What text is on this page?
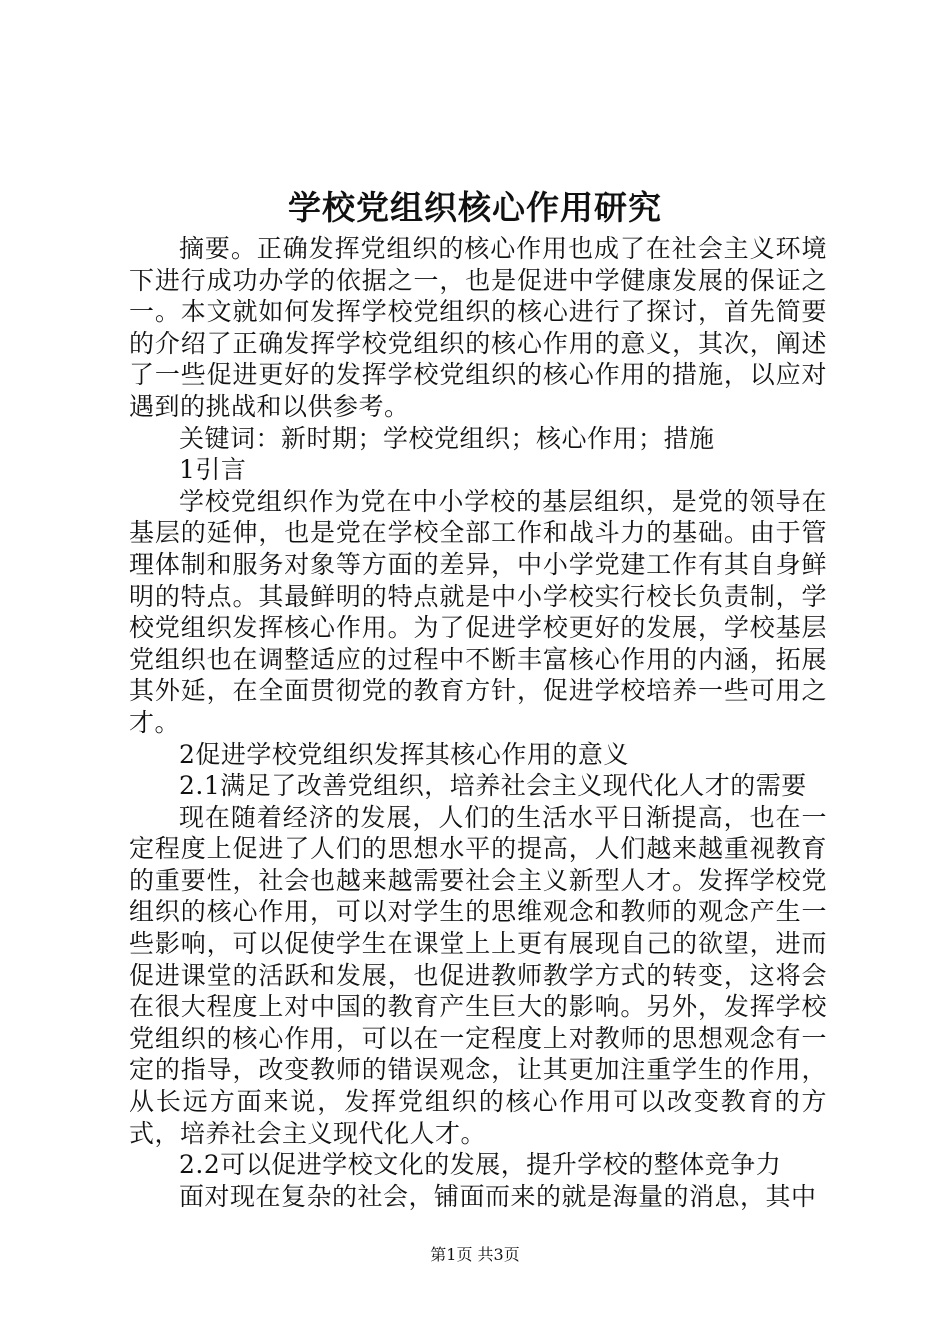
学校党组织核心作用研究

摘要。正确发挥党组织的核心作用也成了在社会主义环境下进行成功办学的依据之一，也是促进中学健康发展的保证之一。本文就如何发挥学校党组织的核心进行了探讨，首先简要的介绍了正确发挥学校党组织的核心作用的意义，其次，阐述了一些促进更好的发挥学校党组织的核心作用的措施，以应对遇到的挑战和以供参考。

关键词：新时期；学校党组织；核心作用；措施

1引言

学校党组织作为党在中小学校的基层组织，是党的领导在基层的延伸，也是党在学校全部工作和战斗力的基础。由于管理体制和服务对象等方面的差异，中小学党建工作有其自身鲜明的特点。其最鲜明的特点就是中小学校实行校长负责制，学校党组织发挥核心作用。为了促进学校更好的发展，学校基层党组织也在调整适应的过程中不断丰富核心作用的内涵，拓展其外延，在全面贯彻党的教育方针，促进学校培养一些可用之才。

2促进学校党组织发挥其核心作用的意义

2.1满足了改善党组织，培养社会主义现代化人才的需要

现在随着经济的发展，人们的生活水平日渐提高，也在一定程度上促进了人们的思想水平的提高，人们越来越重视教育的重要性，社会也越来越需要社会主义新型人才。发挥学校党组织的核心作用，可以对学生的思维观念和教师的观念产生一些影响，可以促使学生在课堂上上更有展现自己的欲望，进而促进课堂的活跃和发展，也促进教师教学方式的转变，这将会在很大程度上对中国的教育产生巨大的影响。另外，发挥学校党组织的核心作用，可以在一定程度上对教师的思想观念有一定的指导，改变教师的错误观念，让其更加注重学生的作用，从长远方面来说，发挥党组织的核心作用可以改变教育的方式，培养社会主义现代化人才。

2.2可以促进学校文化的发展，提升学校的整体竞争力

面对现在复杂的社会，铺面而来的就是海量的消息，其中

第1页 共3页
